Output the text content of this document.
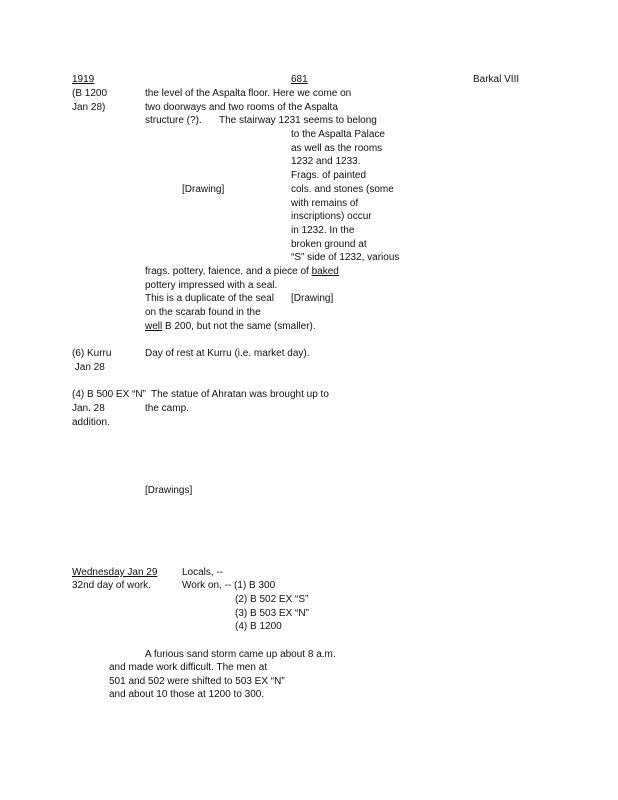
1919	681	Barkal VIII
(B 1200
Jan 28)
the level of the Aspalta floor. Here we come on
two doorways and two rooms of the Aspalta
structure (?). The stairway 1231 seems to belong
to the Aspalta Palace
as well as the rooms
1232 and 1233.
Frags. of painted
cols. and stones (some
with remains of
inscriptions) occur
in 1232. In the
broken ground at
“S” side of 1232, various
[Drawing]
frags. pottery, faience, and a piece of baked
pottery impressed with a seal.
This is a duplicate of the seal [Drawing]
on the scarab found in the
well B 200, but not the same (smaller).
(6) Kurru
Jan 28
Day of rest at Kurru (i.e. market day).
(4) B 500 EX “N” The statue of Ahratan was brought up to
Jan. 28
addition.
the camp.
[Drawings]
Wednesday Jan 29
32nd day of work.
Locals, --
Work on, -- (1) B 300
(2) B 502 EX “S”
(3) B 503 EX “N”
(4) B 1200
A furious sand storm came up about 8 a.m.
and made work difficult. The men at
501 and 502 were shifted to 503 EX “N”
and about 10 those at 1200 to 300.
